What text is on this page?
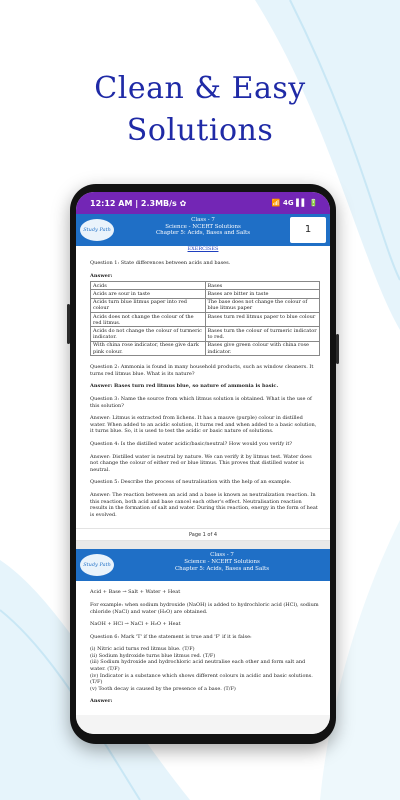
Clean & Easy
Solutions
12:12 AM | 2.3MB/s ✿	📶 4G ▌▌ 🔋
Study Path
Class - 7
Science - NCERT Solutions
Chapter 5: Acids, Bases and Salts	1
EXERCISES

Question 1: State differences between acids and bases.

Answer:
Acids	Bases
Acids are sour in taste	Bases are bitter in taste
Acids turn blue litmus paper into red colour	The base does not change the colour of blue litmus paper
Acids does not change the colour of the red litmus.	Bases turn red litmus paper to blue colour
Acids do not change the colour of turmeric indicator.	Bases turn the colour of turmeric indicator to red.
With china rose indicator, these give dark pink colour.	Bases give green colour with china rose indicator.

Question 2: Ammonia is found in many household products, such as window cleaners. It turns red litmus blue. What is its nature?

Answer: Bases turn red litmus blue, so nature of ammonia is basic.

Question 3: Name the source from which litmus solution is obtained. What is the use of this solution?

Answer: Litmus is extracted from lichens. It has a mauve (purple) colour in distilled water. When added to an acidic solution, it turns red and when added to a basic solution, it turns blue. So, it is used to test the acidic or basic nature of solutions.

Question 4: Is the distilled water acidic/basic/neutral? How would you verify it?

Answer: Distilled water is neutral by nature. We can verify it by litmus test. Water does not change the colour of either red or blue litmus. This proves that distilled water is neutral.

Question 5: Describe the process of neutralisation with the help of an example.

Answer: The reaction between an acid and a base is known as neutralization reaction. In this reaction, both acid and base cancel each other's effect. Neutralisation reaction results in the formation of salt and water. During this reaction, energy in the form of heat is evolved.

Page 1 of 4
Study Path
Class - 7
Science - NCERT Solutions
Chapter 5: Acids, Bases and Salts

Acid + Base → Salt + Water + Heat

For example: when sodium hydroxide (NaOH) is added to hydrochloric acid (HCl), sodium chloride (NaCl) and water (H₂O) are obtained.

NaOH + HCl → NaCl + H₂O + Heat

Question 6: Mark 'T' if the statement is true and 'F' if it is false:

(i) Nitric acid turns red litmus blue. (T/F)
(ii) Sodium hydroxide turns blue litmus red. (T/F)
(iii) Sodium hydroxide and hydrochloric acid neutralise each other and form salt and water. (T/F)
(iv) Indicator is a substance which shows different colours in acidic and basic solutions. (T/F)

(v) Tooth decay is caused by the presence of a base. (T/F)

Answer:
